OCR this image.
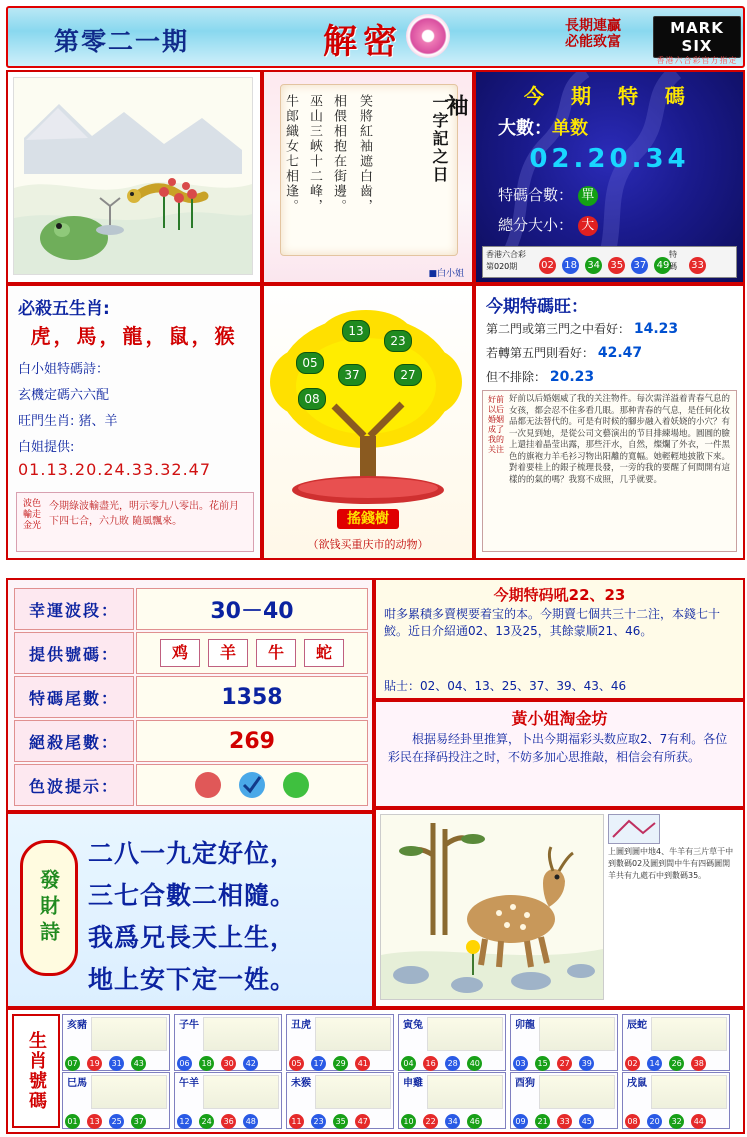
第零二一期	解密	長期連贏
必能致富
MARK SIX
香港六合彩官方指定
一字記之日
袖
笑將紅袖遮白齒，
相偎相抱在街邊。
巫山三峽十二峰，
牛郎織女七相逢。
■白小姐
今 期 特 碼
大數：单数
02.20.34
特碼合數： 單
總分大小： 大
香港六合彩
第020期	02 18 34 35 37 49
特碼	33
必殺五生肖:
虎，馬，龍，鼠，猴
白小姐特碼詩：
玄機定碼六六配
旺門生肖: 猪、羊
白姐提供:
01.13.20.24.33.32.47
波色
輸走
金光
今期綠波輸盡光，明示零九八零出。花前月下四七合，六九敗 隨風飄來。
13
23
05
37	27
08
搖錢樹
（欲钱买重庆市的动物）
今期特碼旺：
第二門或第三門之中看好： 14.23
若轉第五門則看好： 42.47
但不排除： 20.23
好前
以后
婚姻
成了
我的
关注
好前以后婚姻威了我的关注物件。每次需洋溢着青春气息的女孩，都会忍不住多看几眼。那种青春的气息，是任何化妆品都无法替代的。可是有时候的腳步融入着妖娆的小穴？有一次見到她，是從公司文藝演出的节目排練場地。圓圓的臉上還挂着晶莹出露，那些汗水，自然，燦爛了外衣，一件黑色的旗袍力羊毛衫习物出阳離的寬幅。她輕輕地披散下來。對着要桂上的銀子梳理長發，一旁的我的要醒了何間開有這樣的的氣的嗎？我寫不成照，几乎就要。
幸運波段：	30－40
提供號碼：	鸡	羊	牛	蛇
特碼尾數：	1358
絕殺尾數：	269
色波提示：
今期特码吼22、23
咁多累積多賣楔要着宝的本。今期賣七個共三十二注，本錢七十鮫。近日介紹通02、13及25，其餘蒙顺21、46。
貼士：02、04、13、25、37、39、43、46
黃小姐淘金坊
根据易经卦里推算，卜出今期福彩头数应取2、7有利。各位彩民在择码投注之时，不妨多加心思推敲，相信会有所获。
發財詩
二八一九定好位，
三七合數二相隨。
我爲兄長天上生，
地上安下定一姓。
上圖到圖中地4、牛羊有三片草干中到數碼02及圖到間中牛有四碼圖開羊共有九處石中到數碼35。
生肖號碼
亥豬
07 19 31 43
子牛
06 18 30 42
丑虎
05 17 29 41
寅兔
04 16 28 40
卯龍
03 15 27 39
辰蛇
02 14 26 38
巳馬
01 13 25 37
午羊
12 24 36 48
未猴
11 23 35 47
申雞
10 22 34 46
酉狗
09 21 33 45
戌鼠
08 20 32 44
